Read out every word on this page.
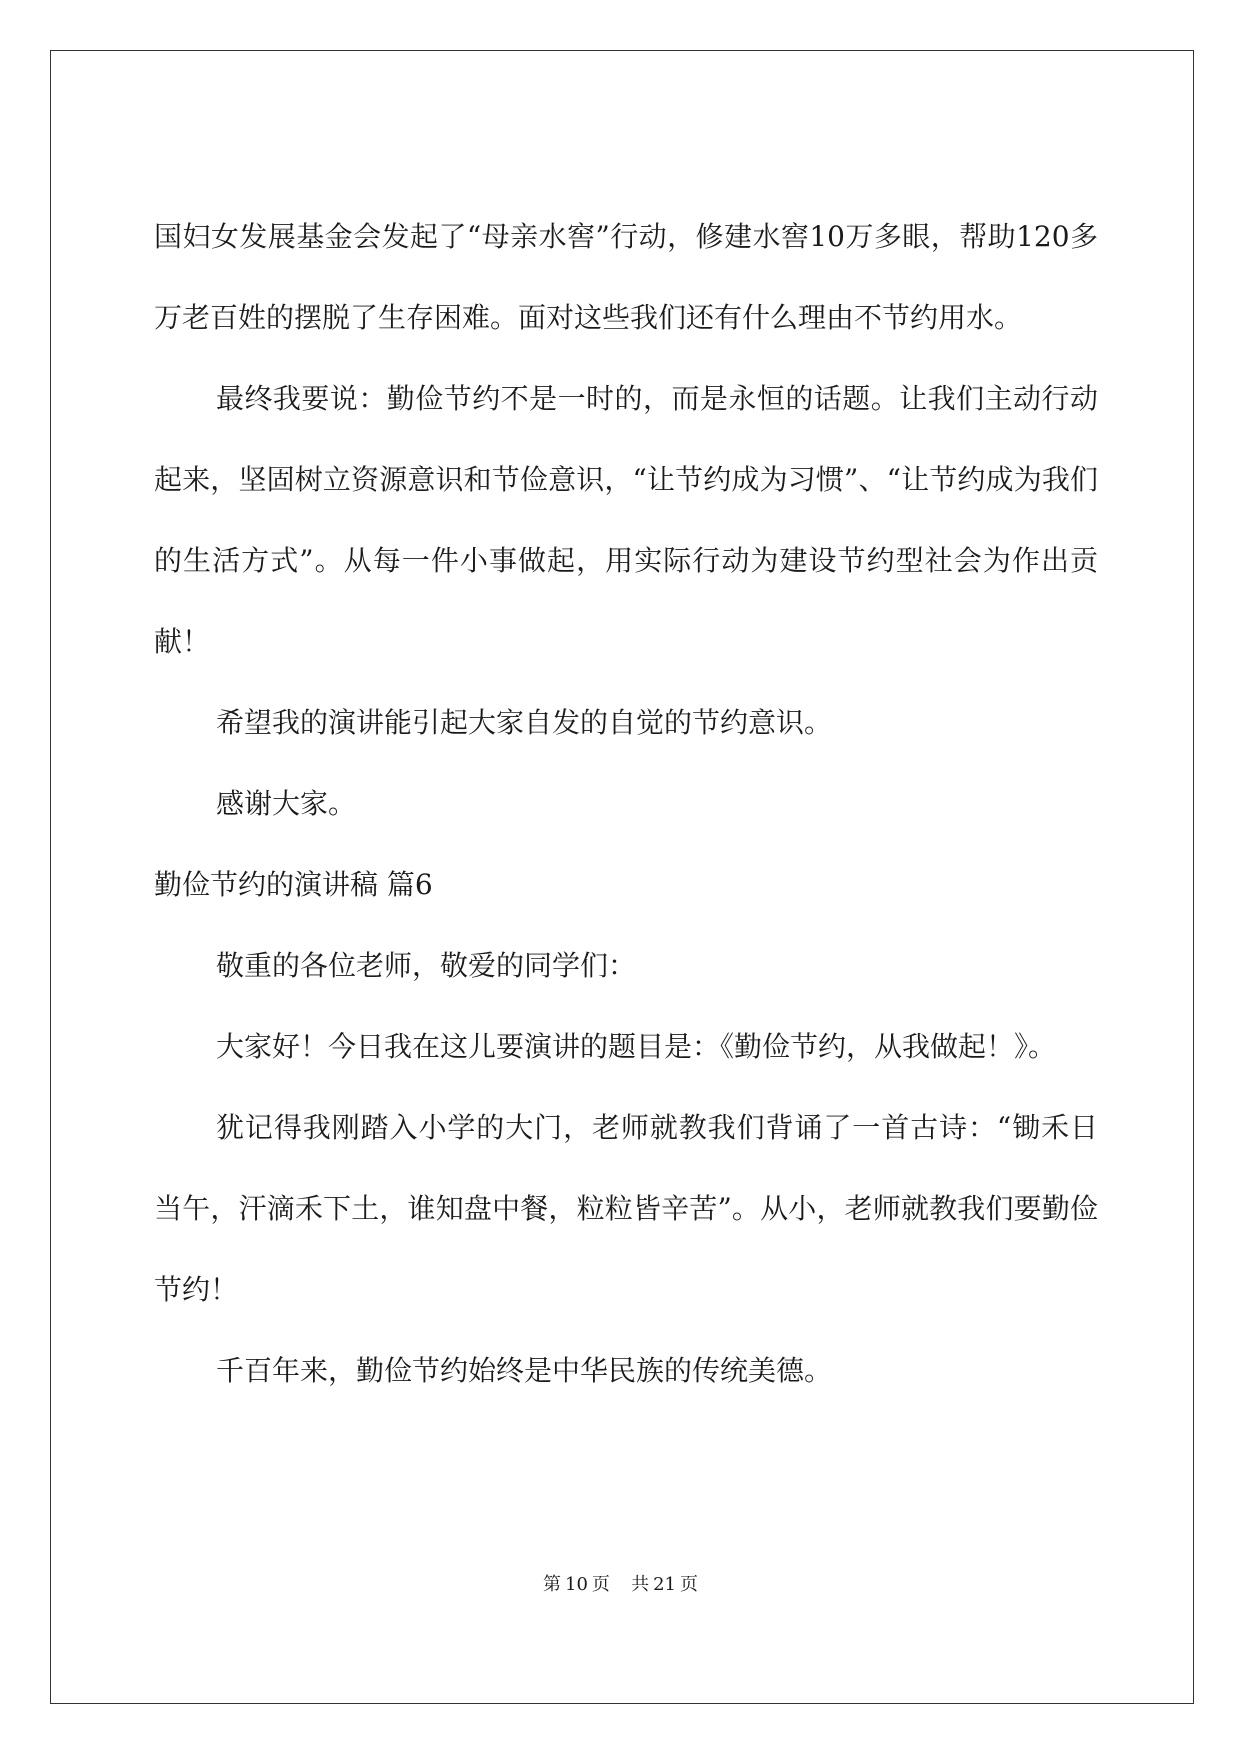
国妇女发展基金会发起了“母亲水窖”行动，修建水窖10万多眼，帮助120多万老百姓的摆脱了生存困难。面对这些我们还有什么理由不节约用水。

最终我要说：勤俭节约不是一时的，而是永恒的话题。让我们主动行动起来，坚固树立资源意识和节俭意识，“让节约成为习惯”、“让节约成为我们的生活方式”。从每一件小事做起，用实际行动为建设节约型社会为作出贡献！

希望我的演讲能引起大家自发的自觉的节约意识。

感谢大家。

勤俭节约的演讲稿 篇6

敬重的各位老师，敬爱的同学们：

大家好！今日我在这儿要演讲的题目是：《勤俭节约，从我做起！》。

犹记得我刚踏入小学的大门，老师就教我们背诵了一首古诗：“锄禾日当午，汗滴禾下土，谁知盘中餐，粒粒皆辛苦”。从小，老师就教我们要勤俭节约！

千百年来，勤俭节约始终是中华民族的传统美德。

第 10 页 共 21 页
